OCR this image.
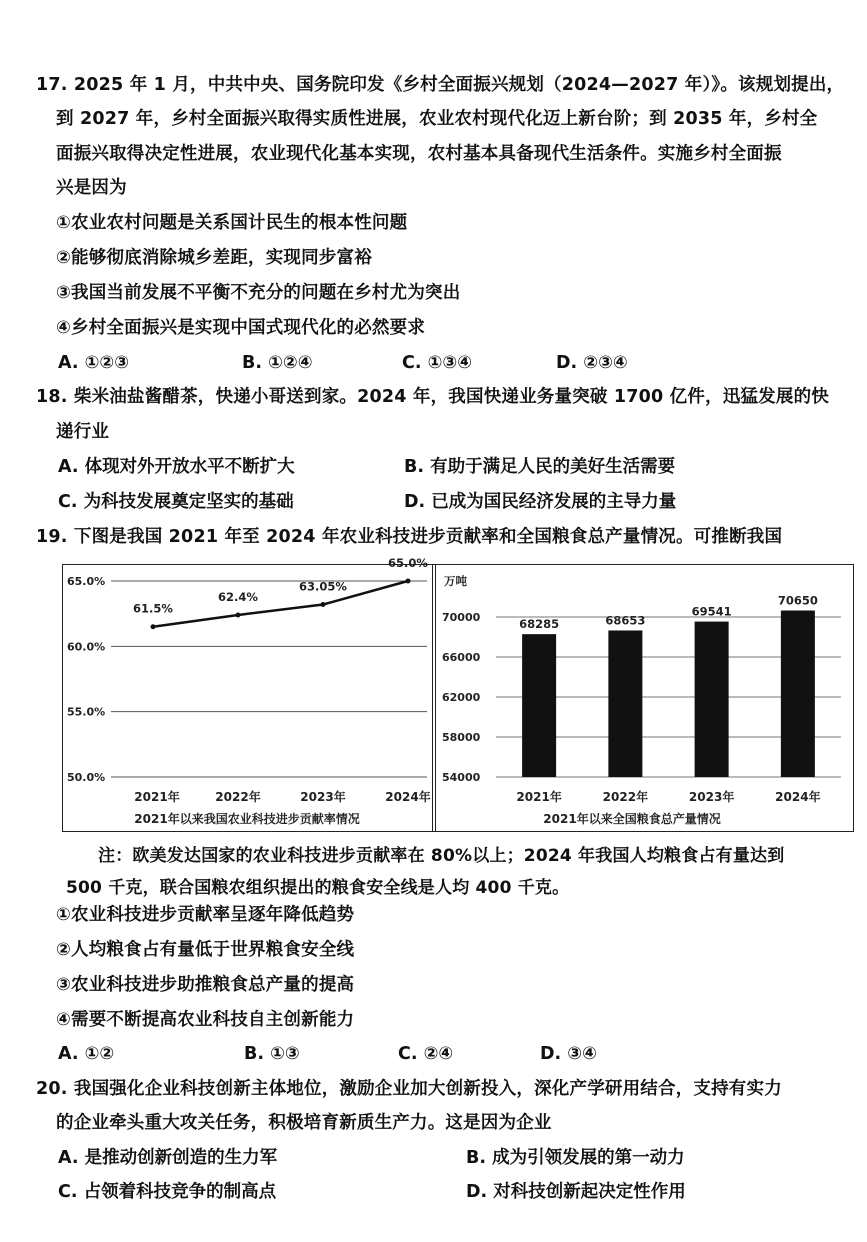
17. 2025 年 1 月，中共中央、国务院印发《乡村全面振兴规划（2024—2027 年）》。该规划提出，
到 2027 年，乡村全面振兴取得实质性进展，农业农村现代化迈上新台阶；到 2035 年，乡村全
面振兴取得决定性进展，农业现代化基本实现，农村基本具备现代生活条件。实施乡村全面振
兴是因为
①农业农村问题是关系国计民生的根本性问题
②能够彻底消除城乡差距，实现同步富裕
③我国当前发展不平衡不充分的问题在乡村尤为突出
④乡村全面振兴是实现中国式现代化的必然要求
A. ①②③	B. ①②④	C. ①③④	D. ②③④
18. 柴米油盐酱醋茶，快递小哥送到家。2024 年，我国快递业务量突破 1700 亿件，迅猛发展的快
递行业
A. 体现对外开放水平不断扩大	B. 有助于满足人民的美好生活需要
C. 为科技发展奠定坚实的基础	D. 已成为国民经济发展的主导力量
19. 下图是我国 2021 年至 2024 年农业科技进步贡献率和全国粮食总产量情况。可推断我国
65.0%
60.0%
55.0%
50.0%
61.5%
62.4%
63.05%
65.0%
2021年	2022年	2023年	2024年
2021年以来我国农业科技进步贡献率情况
万吨
70000
66000
62000
58000
54000
68285
2021年
68653
2022年
69541
2023年
70650
2024年
2021年以来全国粮食总产量情况
注：欧美发达国家的农业科技进步贡献率在 80%以上；2024 年我国人均粮食占有量达到
500 千克，联合国粮农组织提出的粮食安全线是人均 400 千克。
①农业科技进步贡献率呈逐年降低趋势
②人均粮食占有量低于世界粮食安全线
③农业科技进步助推粮食总产量的提高
④需要不断提高农业科技自主创新能力
A. ①②	B. ①③	C. ②④	D. ③④
20. 我国强化企业科技创新主体地位，激励企业加大创新投入，深化产学研用结合，支持有实力
的企业牵头重大攻关任务，积极培育新质生产力。这是因为企业
A. 是推动创新创造的生力军	B. 成为引领发展的第一动力
C. 占领着科技竞争的制高点	D. 对科技创新起决定性作用
